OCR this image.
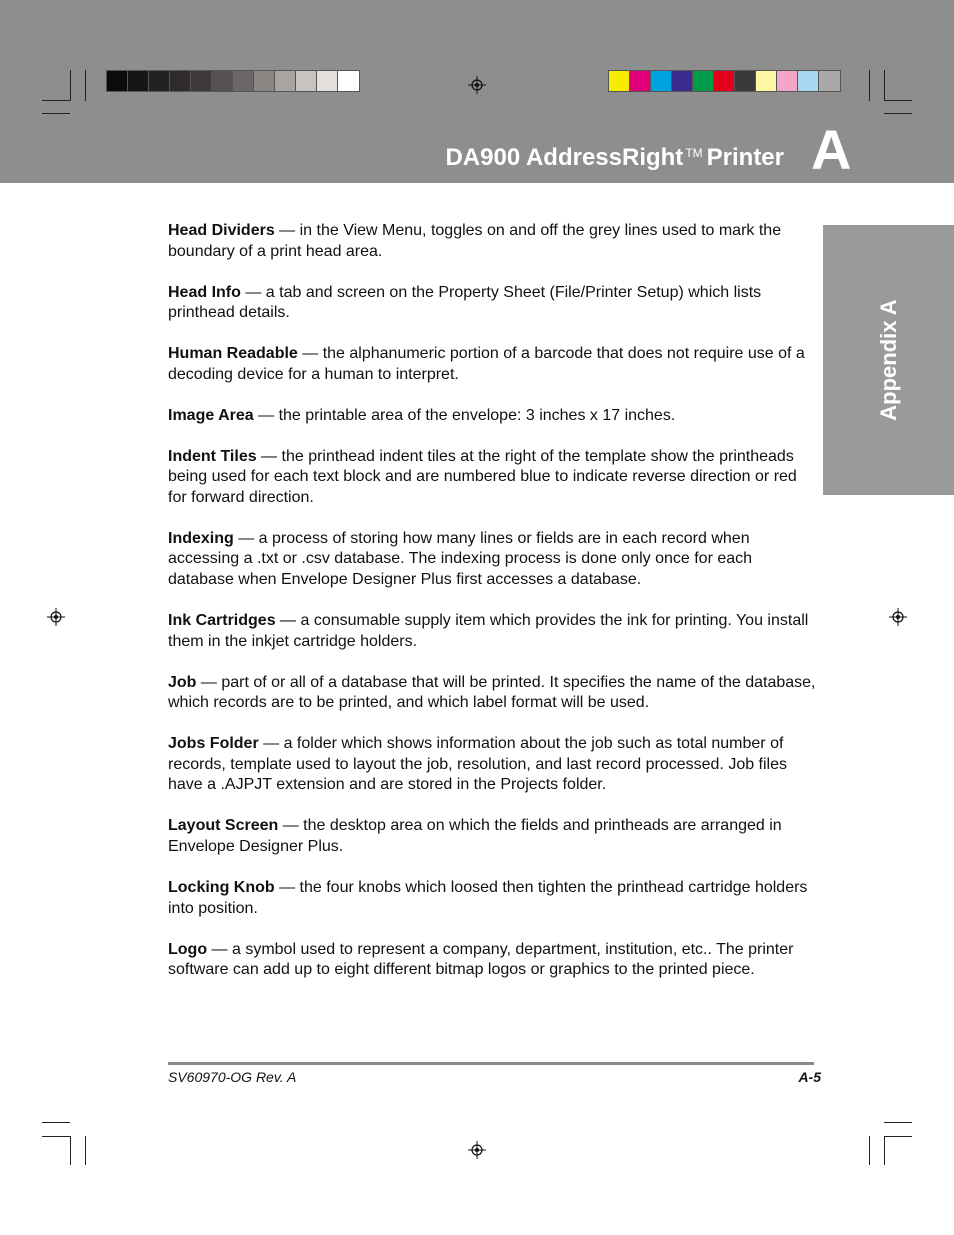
DA900 AddressRight ™ Printer A
Appendix A

Head Dividers — in the View Menu, toggles on and off the grey lines used to mark the boundary of a print head area.

Head Info — a tab and screen on the Property Sheet (File/Printer Setup) which lists printhead details.

Human Readable — the alphanumeric portion of a barcode that does not require use of a decoding device for a human to interpret.

Image Area — the printable area of the envelope: 3 inches x 17 inches.

Indent Tiles — the printhead indent tiles at the right of the template show the printheads being used for each text block and are numbered blue to indicate reverse direction or red for forward direction.

Indexing — a process of storing how many lines or fields are in each record when accessing a .txt or .csv database. The indexing process is done only once for each database when Envelope Designer Plus first accesses a database.

Ink Cartridges — a consumable supply item which provides the ink for printing. You install them in the inkjet cartridge holders.

Job — part of or all of a database that will be printed. It specifies the name of the database, which records are to be printed, and which label format will be used.

Jobs Folder — a folder which shows information about the job such as total number of records, template used to layout the job, resolution, and last record processed. Job files have a .AJPJT extension and are stored in the Projects folder.

Layout Screen — the desktop area on which the fields and printheads are arranged in Envelope Designer Plus.

Locking Knob — the four knobs which loosed then tighten the printhead cartridge holders into position.

Logo — a symbol used to represent a company, department, institution, etc.. The printer software can add up to eight different bitmap logos or graphics to the printed piece.

SV60970-OG Rev. A	A-5
